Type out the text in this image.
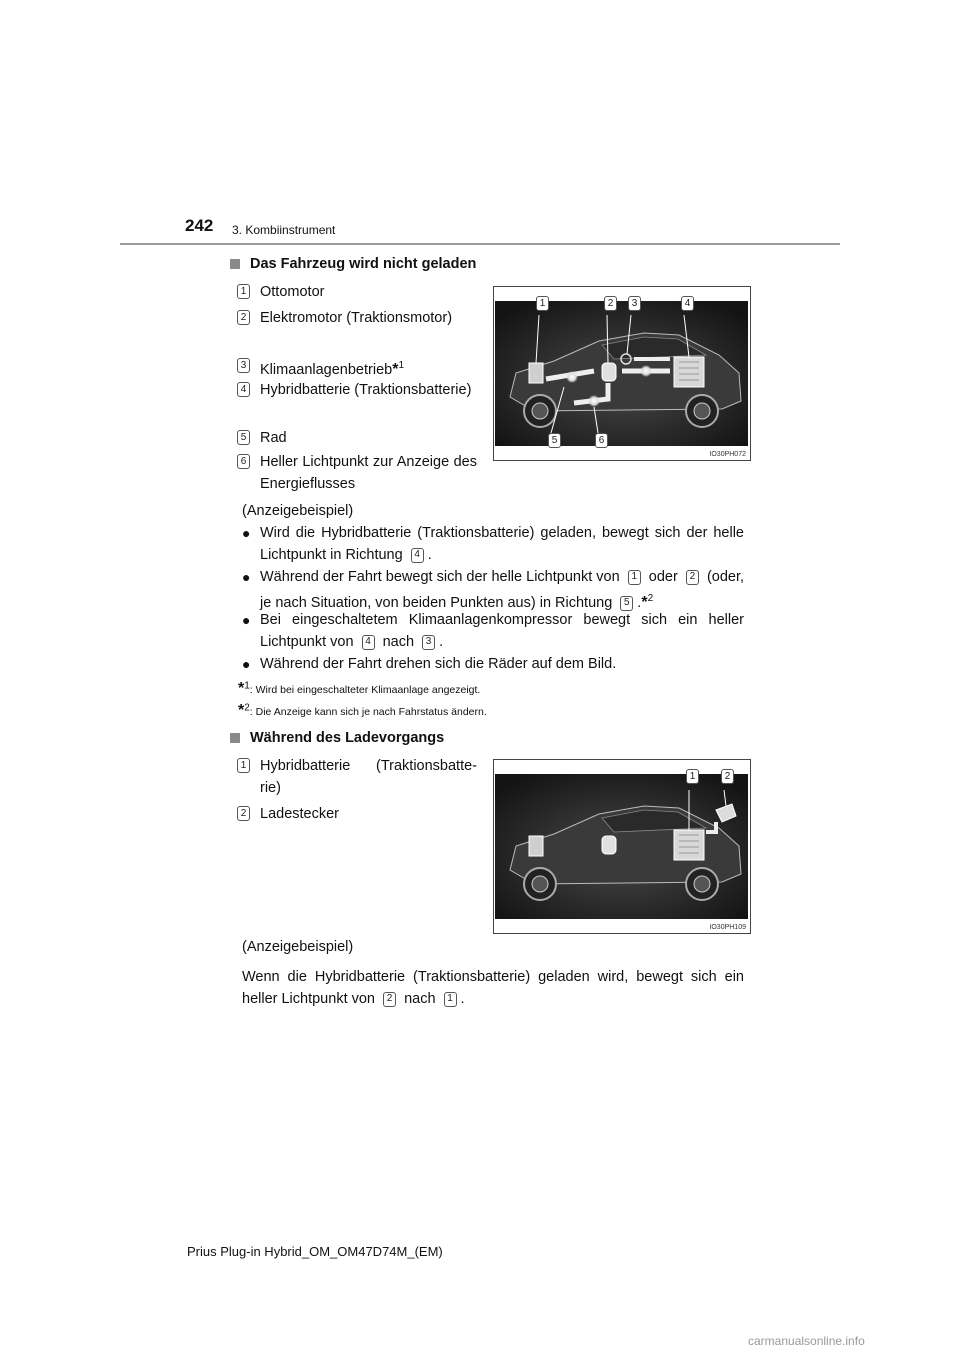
242 3. Kombiinstrument
Das Fahrzeug wird nicht geladen
1 Ottomotor
2 Elektromotor (Traktionsmotor)
3 Klimaanlagenbetrieb*$^1$
4 Hybridbatterie (Traktionsbatterie)
5 Rad
6 Heller Lichtpunkt zur Anzeige des Energieflusses
1	2	3	4
5	6
IO30PH072
(Anzeigebeispiel)
● Wird die Hybridbatterie (Traktionsbatterie) geladen, bewegt sich der helle Lichtpunkt in Richtung 4 .
● Während der Fahrt bewegt sich der helle Lichtpunkt von 1 oder 2 (oder, je nach Situation, von beiden Punkten aus) in Richtung 5 .*$^2$
● Bei eingeschaltetem Klimaanlagenkompressor bewegt sich ein heller Lichtpunkt von 4 nach 3 .
● Während der Fahrt drehen sich die Räder auf dem Bild.
*$^1$: Wird bei eingeschalteter Klimaanlage angezeigt.
*$^2$: Die Anzeige kann sich je nach Fahrstatus ändern.
Während des Ladevorgangs
1 Hybridbatterie (Traktionsbatte- rie)
2 Ladestecker
1	2
IO30PH109
(Anzeigebeispiel)
Wenn die Hybridbatterie (Traktionsbatterie) geladen wird, bewegt sich ein heller Lichtpunkt von 2 nach 1 .
Prius Plug-in Hybrid_OM_OM47D74M_(EM)
carmanualsonline.info
